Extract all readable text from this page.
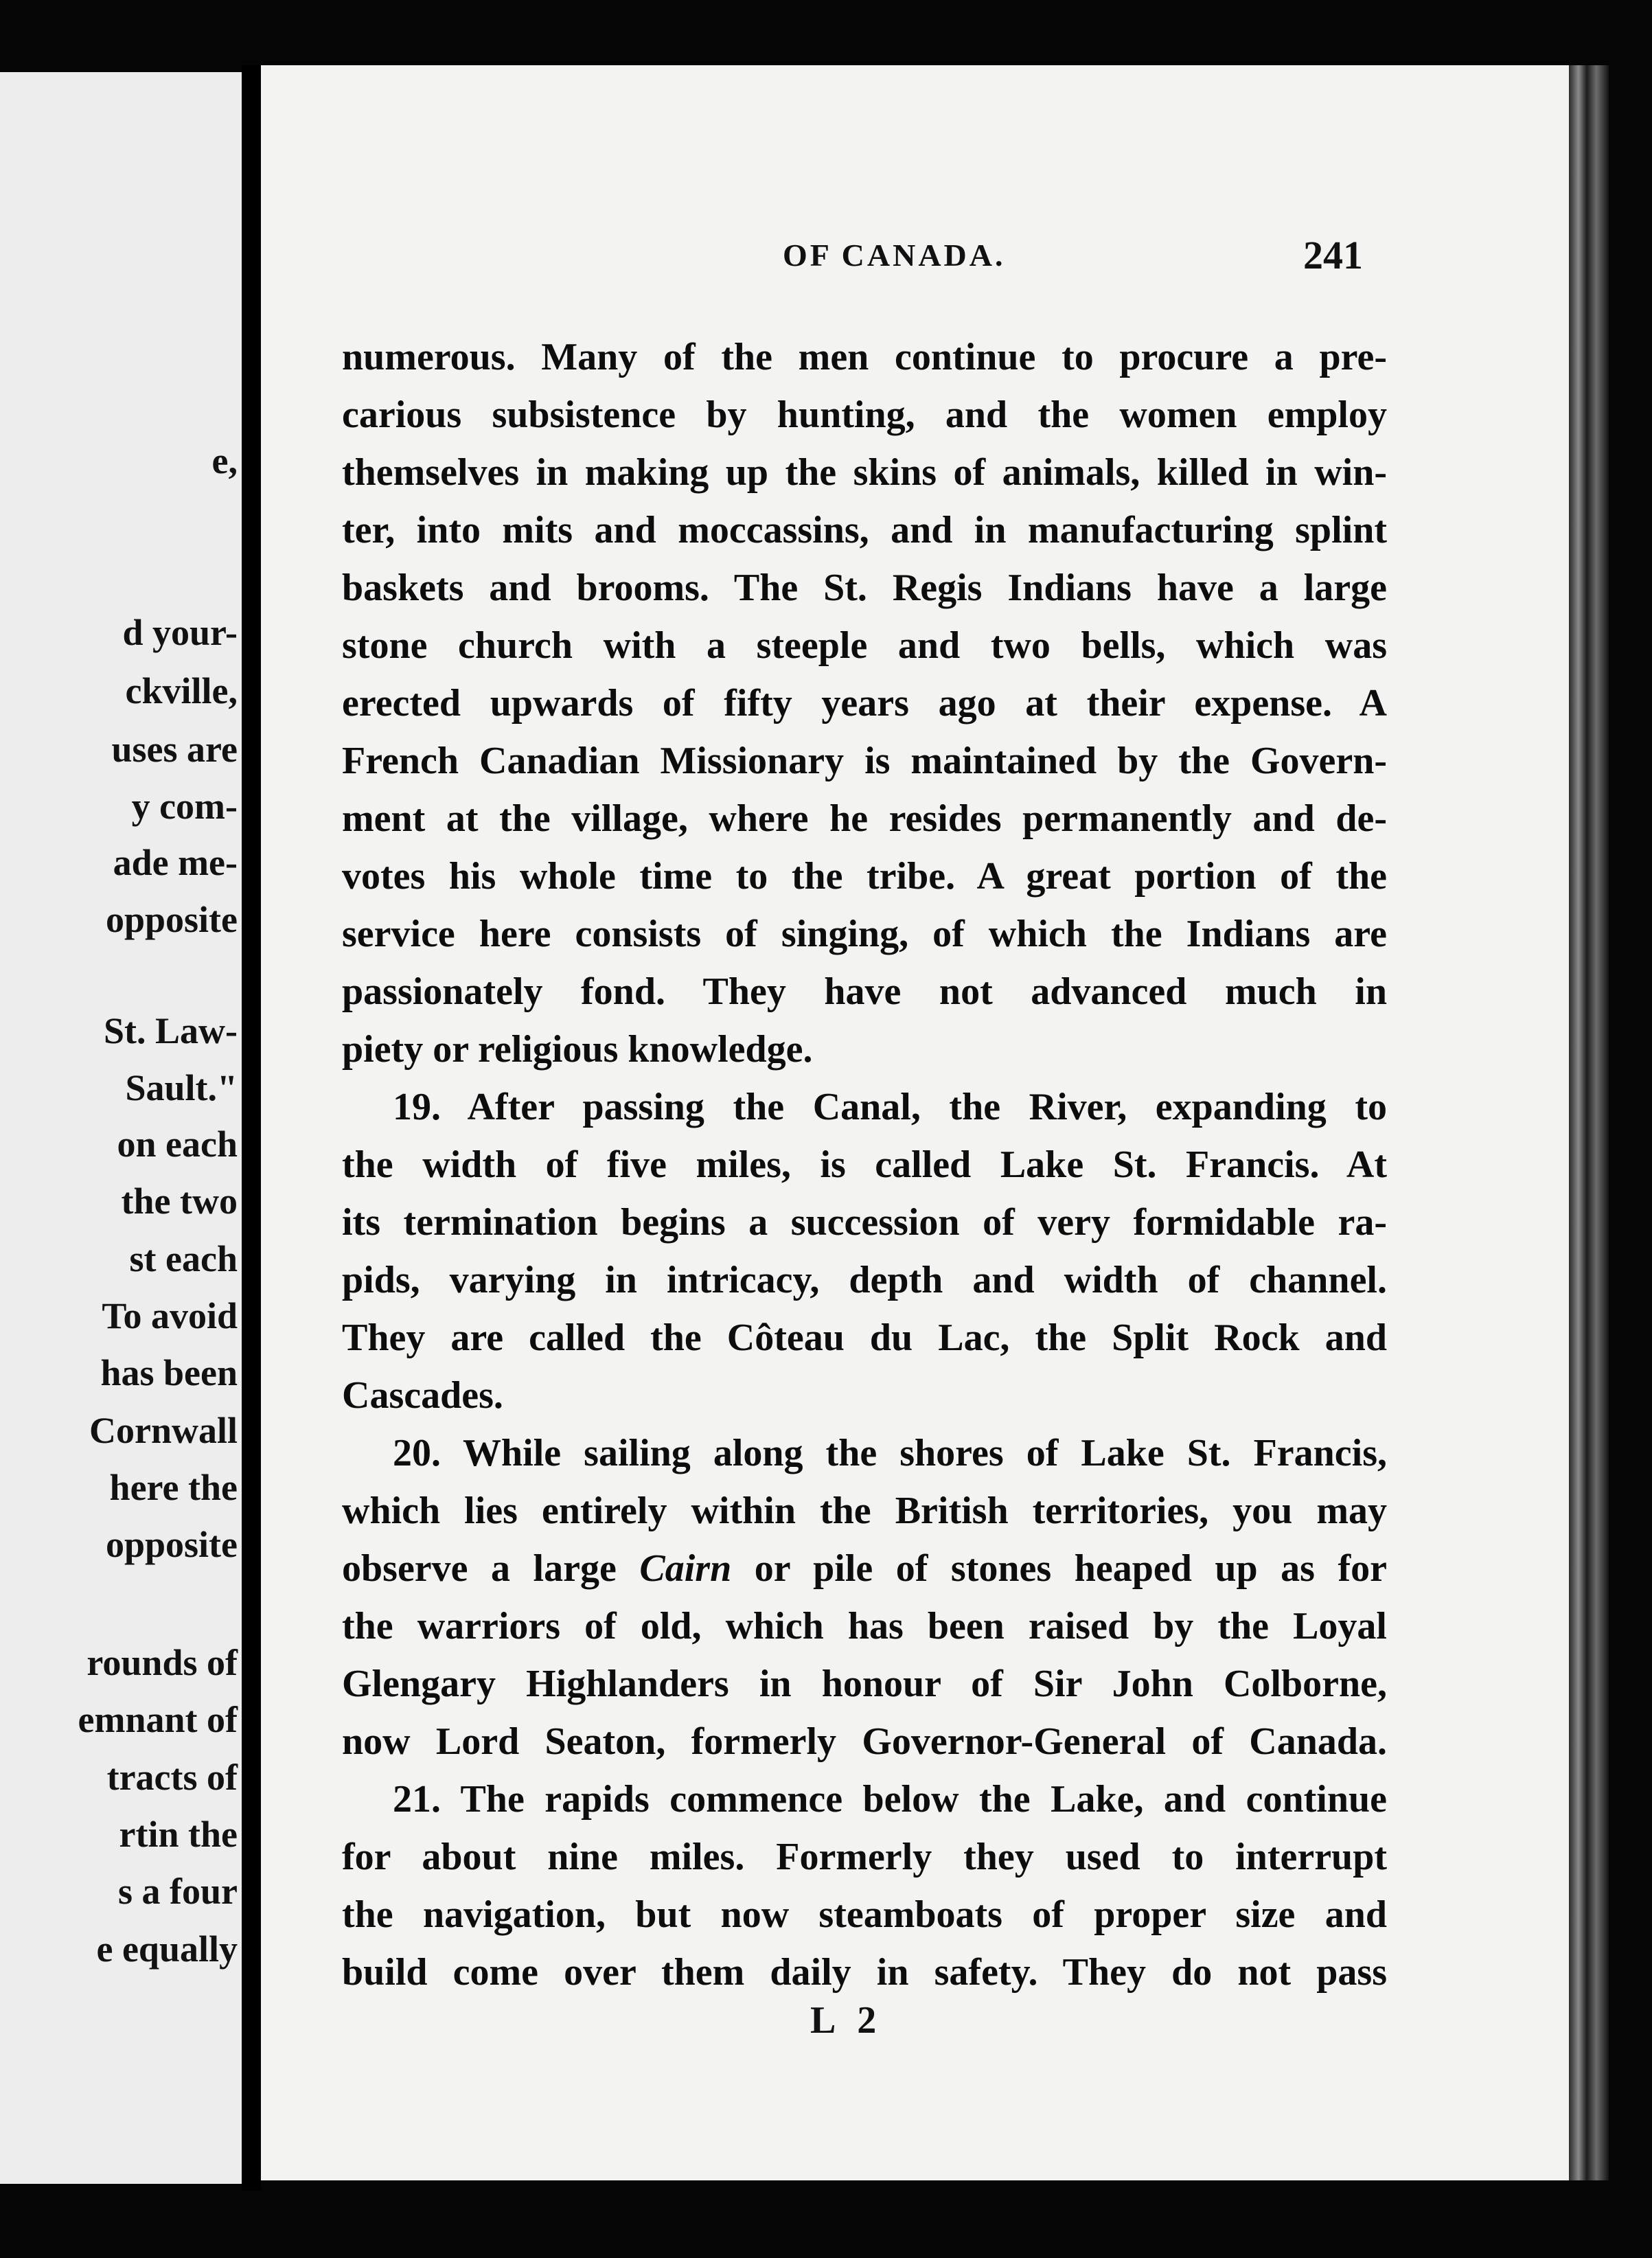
e,
d your-
ckville,
uses are
y com-
ade me-
opposite
St. Law-
Sault."
on each
the two
st each
To avoid
has been
Cornwall
here the
opposite
rounds of
emnant of
tracts of
rtin the
s a four
e equally
OF CANADA.	241
numerous. Many of the men continue to procure a pre-
carious subsistence by hunting, and the women employ
themselves in making up the skins of animals, killed in win-
ter, into mits and moccassins, and in manufacturing splint
baskets and brooms. The St. Regis Indians have a large
stone church with a steeple and two bells, which was
erected upwards of fifty years ago at their expense. A
French Canadian Missionary is maintained by the Govern-
ment at the village, where he resides permanently and de-
votes his whole time to the tribe. A great portion of the
service here consists of singing, of which the Indians are
passionately fond. They have not advanced much in
piety or religious knowledge.
19. After passing the Canal, the River, expanding to
the width of five miles, is called Lake St. Francis. At
its termination begins a succession of very formidable ra-
pids, varying in intricacy, depth and width of channel.
They are called the Côteau du Lac, the Split Rock and
Cascades.
20. While sailing along the shores of Lake St. Francis,
which lies entirely within the British territories, you may
observe a large Cairn or pile of stones heaped up as for
the warriors of old, which has been raised by the Loyal
Glengary Highlanders in honour of Sir John Colborne,
now Lord Seaton, formerly Governor-General of Canada.
21. The rapids commence below the Lake, and continue
for about nine miles. Formerly they used to interrupt
the navigation, but now steamboats of proper size and
build come over them daily in safety. They do not pass
L 2
